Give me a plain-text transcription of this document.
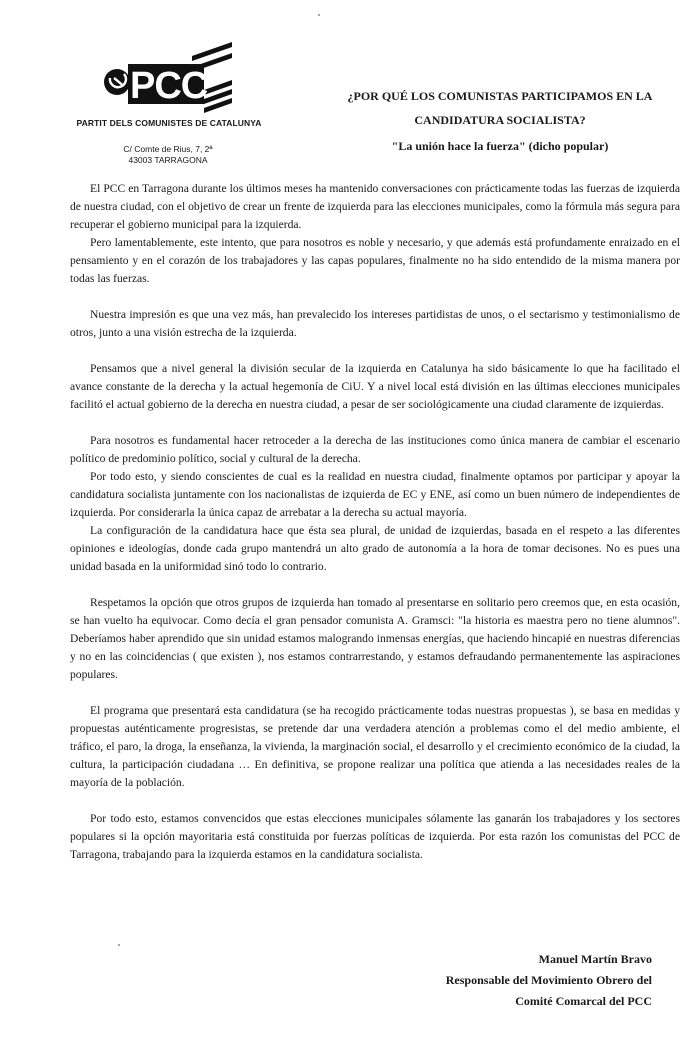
PCC
PARTIT DELS COMUNISTES DE CATALUNYA
C/ Comte de Rius, 7, 2ª
43003 TARRAGONA
¿POR QUÉ LOS COMUNISTAS PARTICIPAMOS EN LA
CANDIDATURA SOCIALISTA?
"La unión hace la fuerza" (dicho popular)

El PCC en Tarragona durante los últimos meses ha mantenido conversaciones con prácticamente todas las fuerzas de izquierda de nuestra ciudad, con el objetivo de crear un frente de izquierda para las elecciones municipales, como la fórmula más segura para recuperar el gobierno municipal para la izquierda.

Pero lamentablemente, este intento, que para nosotros es noble y necesario, y que además está profundamente enraizado en el pensamiento y en el corazón de los trabajadores y las capas populares, finalmente no ha sido entendido de la misma manera por todas las fuerzas.

Nuestra impresión es que una vez más, han prevalecido los intereses partidistas de unos, o el sectarismo y testimonialismo de otros, junto a una visión estrecha de la izquierda.

Pensamos que a nivel general la división secular de la izquierda en Catalunya ha sido básicamente lo que ha facilitado el avance constante de la derecha y la actual hegemonía de CiU. Y a nivel local está división en las últimas elecciones municipales facilitó el actual gobierno de la derecha en nuestra ciudad, a pesar de ser sociológicamente una ciudad claramente de izquierdas.

Para nosotros es fundamental hacer retroceder a la derecha de las instituciones como única manera de cambiar el escenario político de predominio político, social y cultural de la derecha.

Por todo esto, y siendo conscientes de cual es la realidad en nuestra ciudad, finalmente optamos por participar y apoyar la candidatura socialista juntamente con los nacionalistas de izquierda de EC y ENE, así como un buen número de independientes de izquierda. Por considerarla la única capaz de arrebatar a la derecha su actual mayoría.

La configuración de la candidatura hace que ésta sea plural, de unidad de izquierdas, basada en el respeto a las diferentes opiniones e ideologías, donde cada grupo mantendrá un alto grado de autonomía a la hora de tomar decisones. No es pues una unidad basada en la uniformidad sinó todo lo contrario.

Respetamos la opción que otros grupos de izquierda han tomado al presentarse en solitario pero creemos que, en esta ocasión, se han vuelto ha equivocar. Como decía el gran pensador comunista A. Gramsci: "la historia es maestra pero no tiene alumnos". Deberíamos haber aprendido que sin unidad estamos malogrando inmensas energías, que haciendo hincapié en nuestras diferencias y no en las coincidencias ( que existen ), nos estamos contrarrestando, y estamos defraudando permanentemente las aspiraciones populares.

El programa que presentará esta candidatura (se ha recogido prácticamente todas nuestras propuestas ), se basa en medidas y propuestas auténticamente progresistas, se pretende dar una verdadera atención a problemas como el del medio ambiente, el tráfico, el paro, la droga, la enseñanza, la vivienda, la marginación social, el desarrollo y el crecimiento económico de la ciudad, la cultura, la participación ciudadana … En definitiva, se propone realizar una política que atienda a las necesidades reales de la mayoría de la población.

Por todo esto, estamos convencidos que estas elecciones municipales sólamente las ganarán los trabajadores y los sectores populares si la opción mayoritaria está constituida por fuerzas políticas de izquierda. Por esta razón los comunistas del PCC de Tarragona, trabajando para la izquierda estamos en la candidatura socialista.

Manuel Martín Bravo
Responsable del Movimiento Obrero del
Comité Comarcal del PCC
